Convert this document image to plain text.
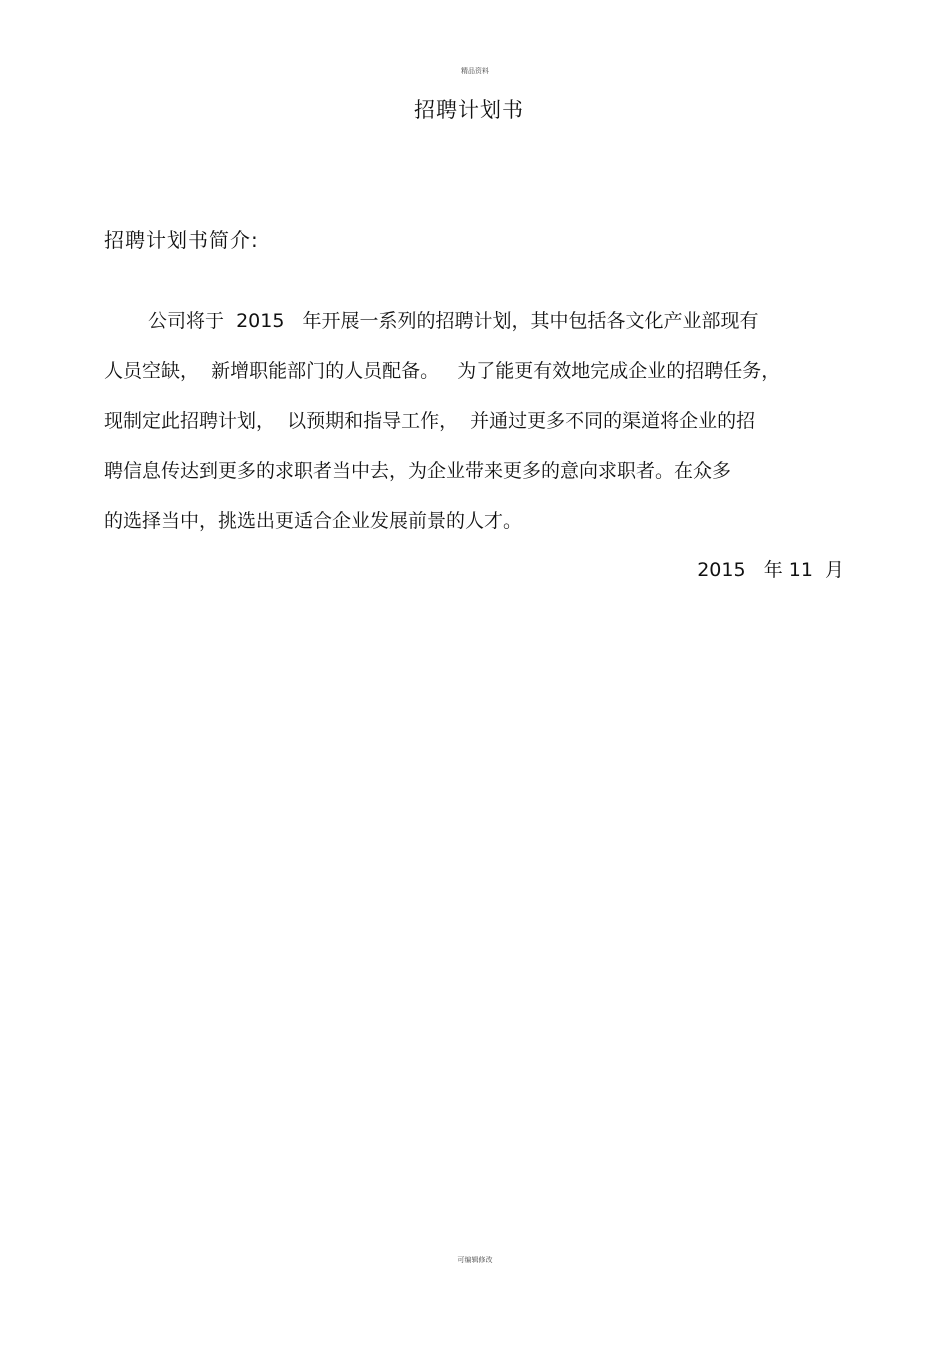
精品资料
招聘计划书
招聘计划书简介:
公司将于  2015   年开展一系列的招聘计划，其中包括各文化产业部现有
人员空缺，  新增职能部门的人员配备。   为了能更有效地完成企业的招聘任务，
现制定此招聘计划，  以预期和指导工作，  并通过更多不同的渠道将企业的招
聘信息传达到更多的求职者当中去，为企业带来更多的意向求职者。在众多
的选择当中，挑选出更适合企业发展前景的人才。
2015   年 11  月
可编辑修改
